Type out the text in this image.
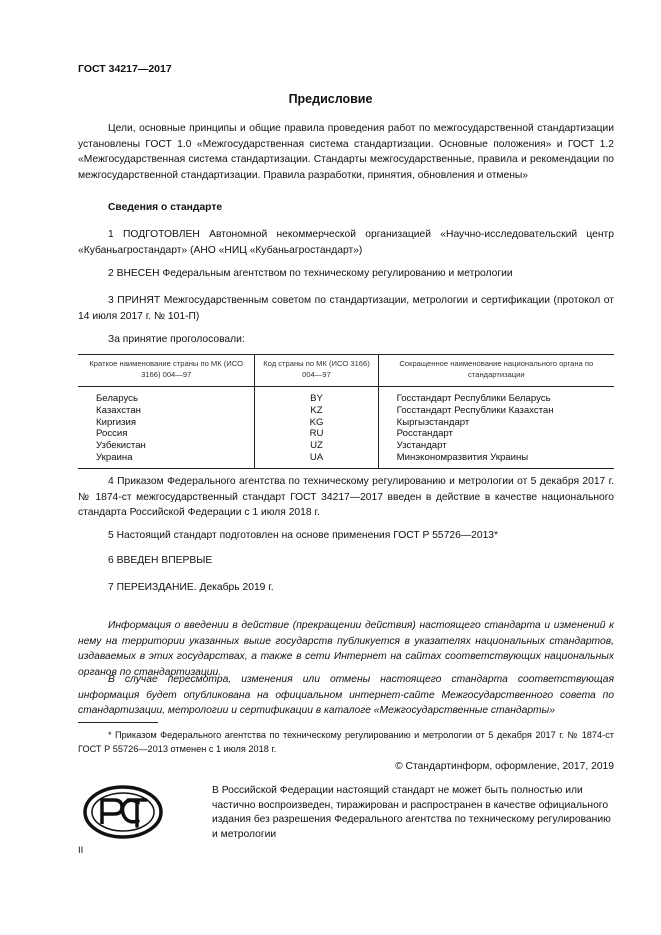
ГОСТ 34217—2017
Предисловие
Цели, основные принципы и общие правила проведения работ по межгосударственной стандартизации установлены ГОСТ 1.0 «Межгосударственная система стандартизации. Основные положения» и ГОСТ 1.2 «Межгосударственная система стандартизации. Стандарты межгосударственные, правила и рекомендации по межгосударственной стандартизации. Правила разработки, принятия, обновления и отмены»
Сведения о стандарте
1 ПОДГОТОВЛЕН Автономной некоммерческой организацией «Научно-исследовательский центр «Кубаньагростандарт» (АНО «НИЦ «Кубаньагростандарт»)
2 ВНЕСЕН Федеральным агентством по техническому регулированию и метрологии
3 ПРИНЯТ Межгосударственным советом по стандартизации, метрологии и сертификации (протокол от 14 июля 2017 г. № 101-П)
За принятие проголосовали:
Краткое наименование страны по МК (ИСО 3166) 004—97	Код страны по МК (ИСО 3166) 004—97	Сокращенное наименование национального органа по стандартизации
Беларусь	BY	Госстандарт Республики Беларусь
Казахстан	KZ	Госстандарт Республики Казахстан
Киргизия	KG	Кыргызстандарт
Россия	RU	Росстандарт
Узбекистан	UZ	Узстандарт
Украина	UA	Минэкономразвития Украины
4 Приказом Федерального агентства по техническому регулированию и метрологии от 5 декабря 2017 г. № 1874-ст межгосударственный стандарт ГОСТ 34217—2017 введен в действие в качестве национального стандарта Российской Федерации с 1 июля 2018 г.
5 Настоящий стандарт подготовлен на основе применения ГОСТ Р 55726—2013*
6 ВВЕДЕН ВПЕРВЫЕ
7 ПЕРЕИЗДАНИЕ. Декабрь 2019 г.
Информация о введении в действие (прекращении действия) настоящего стандарта и изменений к нему на территории указанных выше государств публикуется в указателях национальных стандартов, издаваемых в этих государствах, а также в сети Интернет на сайтах соответствующих национальных органов по стандартизации.
В случае пересмотра, изменения или отмены настоящего стандарта соответствующая информация будет опубликована на официальном интернет-сайте Межгосударственного совета по стандартизации, метрологии и сертификации в каталоге «Межгосударственные стандарты»
* Приказом Федерального агентства по техническому регулированию и метрологии от 5 декабря 2017 г. № 1874-ст ГОСТ Р 55726—2013 отменен с 1 июля 2018 г.
© Стандартинформ, оформление, 2017, 2019
В Российской Федерации настоящий стандарт не может быть полностью или частично воспроизведен, тиражирован и распространен в качестве официального издания без разрешения Федерального агентства по техническому регулированию и метрологии
II
